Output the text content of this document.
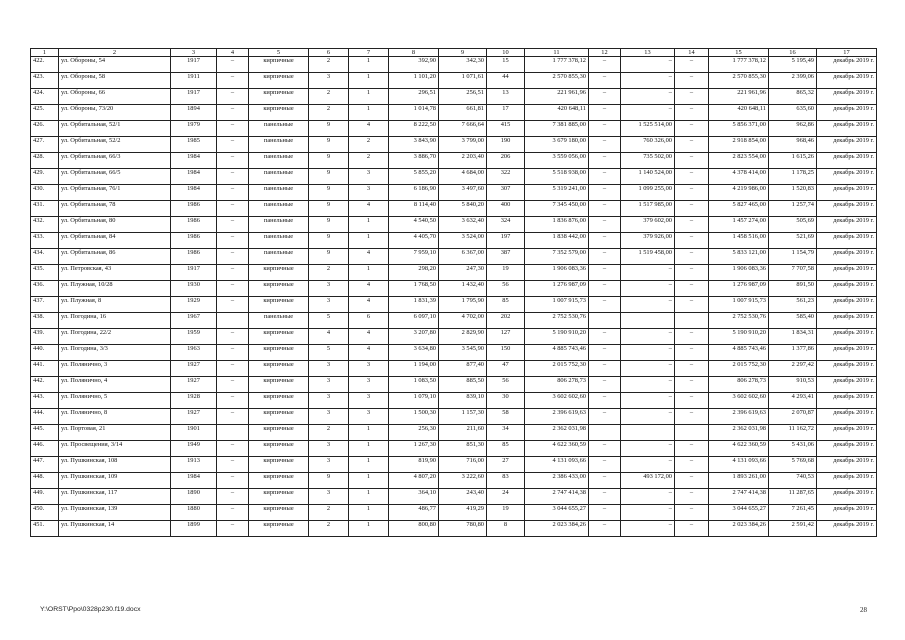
1	2	3	4	5	6	7	8	9	10	11	12	13	14	15	16	17
422.	ул. Обороны, 54	1917	–	кирпичные	2	1	392,90	342,30	15	1 777 378,12	–	–	–	1 777 378,12	5 195,49	декабрь 2019 г.
423.	ул. Обороны, 58	1911	–	кирпичные	3	1	1 101,20	1 071,61	44	2 570 855,30	–	–	–	2 570 855,30	2 399,06	декабрь 2019 г.
424.	ул. Обороны, 66	1917	–	кирпичные	2	1	296,51	256,51	13	221 961,96	–	–	–	221 961,96	865,32	декабрь 2019 г.
425.	ул. Обороны, 73/20	1894	–	кирпичные	2	1	1 014,78	661,81	17	420 648,11	–	–	–	420 648,11	635,60	декабрь 2019 г.
426.	ул. Орбитальная, 52/1	1979	–	панельные	9	4	8 222,50	7 666,64	415	7 381 885,00	–	1 525 514,00	–	5 856 371,00	962,86	декабрь 2019 г.
427.	ул. Орбитальная, 52/2	1985	–	панельные	9	2	3 843,90	3 799,00	190	3 679 180,00	–	760 326,00	–	2 918 854,00	968,46	декабрь 2019 г.
428.	ул. Орбитальная, 66/3	1984	–	панельные	9	2	3 886,70	2 203,40	206	3 559 056,00	–	735 502,00	–	2 823 554,00	1 615,26	декабрь 2019 г.
429.	ул. Орбитальная, 66/5	1984	–	панельные	9	3	5 855,20	4 684,00	322	5 518 938,00	–	1 140 524,00	–	4 378 414,00	1 178,25	декабрь 2019 г.
430.	ул. Орбитальная, 76/1	1984	–	панельные	9	3	6 186,90	3 497,60	307	5 319 241,00	–	1 099 255,00	–	4 219 986,00	1 520,83	декабрь 2019 г.
431.	ул. Орбитальная, 78	1986	–	панельные	9	4	8 114,40	5 840,20	400	7 345 450,00	–	1 517 985,00	–	5 827 465,00	1 257,74	декабрь 2019 г.
432.	ул. Орбитальная, 80	1986	–	панельные	9	1	4 540,50	3 632,40	324	1 836 876,00	–	379 602,00	–	1 457 274,00	505,69	декабрь 2019 г.
433.	ул. Орбитальная, 84	1986	–	панельные	9	1	4 405,70	3 524,00	197	1 838 442,00	–	379 926,00	–	1 458 516,00	521,69	декабрь 2019 г.
434.	ул. Орбитальная, 86	1986	–	панельные	9	4	7 959,10	6 367,00	387	7 352 579,00	–	1 519 458,00	–	5 833 121,00	1 154,79	декабрь 2019 г.
435.	ул. Петровская, 43	1917	–	кирпичные	2	1	298,20	247,30	19	1 906 083,36	–	–	–	1 906 083,36	7 707,58	декабрь 2019 г.
436.	ул. Плужная, 10/28	1930	–	кирпичные	3	4	1 768,50	1 432,40	56	1 276 987,09	–	–	–	1 276 987,09	891,50	декабрь 2019 г.
437.	ул. Плужная, 8	1929	–	кирпичные	3	4	1 831,39	1 795,90	85	1 007 915,73	–	–	–	1 007 915,73	561,23	декабрь 2019 г.
438.	ул. Погодина, 16	1967		панельные	5	6	6 097,10	4 702,00	202	2 752 530,76				2 752 530,76	585,40	декабрь 2019 г.
439.	ул. Погодина, 22/2	1959	–	кирпичные	4	4	3 207,80	2 829,90	127	5 190 910,20	–	–	–	5 190 910,20	1 834,31	декабрь 2019 г.
440.	ул. Погодина, 3/3	1963	–	кирпичные	5	4	3 634,80	3 545,90	150	4 885 743,46	–	–	–	4 885 743,46	1 377,86	декабрь 2019 г.
441.	ул. Полянично, 3	1927	–	кирпичные	3	3	1 194,00	877,40	47	2 015 752,30	–	–	–	2 015 752,30	2 297,42	декабрь 2019 г.
442.	ул. Полянично, 4	1927	–	кирпичные	3	3	1 083,50	885,50	56	806 278,73	–	–	–	806 278,73	910,53	декабрь 2019 г.
443.	ул. Полянично, 5	1928	–	кирпичные	3	3	1 079,10	839,10	30	3 602 602,60	–	–	–	3 602 602,60	4 293,41	декабрь 2019 г.
444.	ул. Полянично, 8	1927	–	кирпичные	3	3	1 500,30	1 157,30	58	2 396 619,63	–	–	–	2 396 619,63	2 070,87	декабрь 2019 г.
445.	ул. Портовая, 21	1901		кирпичные	2	1	256,30	211,60	34	2 362 031,98				2 362 031,98	11 162,72	декабрь 2019 г.
446.	ул. Просвещения, 3/14	1949	–	кирпичные	3	1	1 267,30	851,30	85	4 622 360,59	–	–	–	4 622 360,59	5 431,06	декабрь 2019 г.
447.	ул. Пушкинская, 108	1913	–	кирпичные	3	1	819,90	716,00	27	4 131 093,66	–	–	–	4 131 093,66	5 769,68	декабрь 2019 г.
448.	ул. Пушкинская, 109	1984	–	кирпичные	9	1	4 807,20	3 222,60	83	2 386 433,00	–	493 172,00	–	1 893 261,00	740,53	декабрь 2019 г.
449.	ул. Пушкинская, 117	1890	–	кирпичные	3	1	364,10	243,40	24	2 747 414,38	–	–	–	2 747 414,38	11 287,65	декабрь 2019 г.
450.	ул. Пушкинская, 139	1880	–	кирпичные	2	1	486,77	419,29	19	3 044 655,27	–	–	–	3 044 655,27	7 261,45	декабрь 2019 г.
451.	ул. Пушкинская, 14	1899	–	кирпичные	2	1	800,80	780,80	8	2 023 384,26	–	–	–	2 023 384,26	2 591,42	декабрь 2019 г.
Y:\ORST\Ppo\0328p230.f19.docx	28
